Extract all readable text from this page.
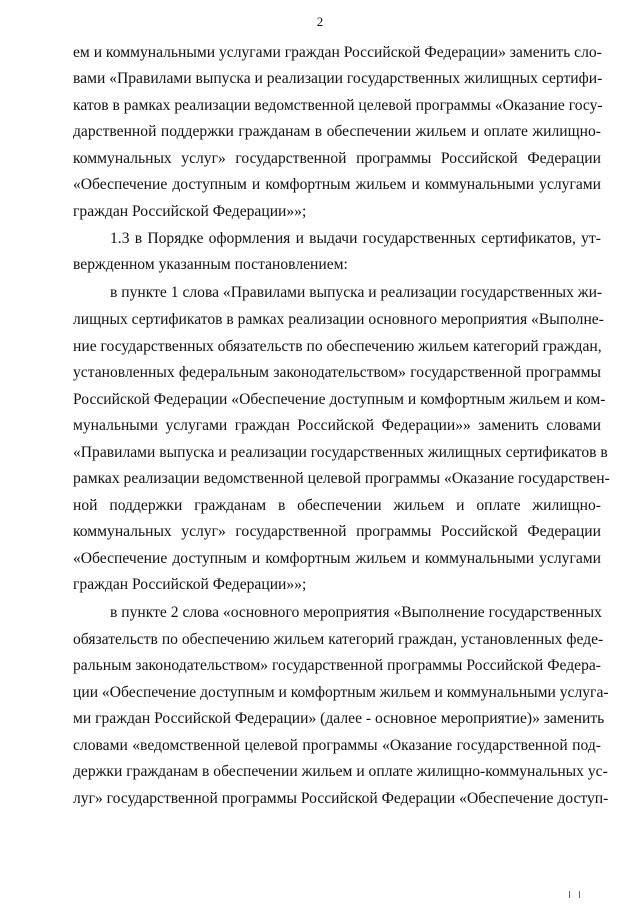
2
ем и коммунальными услугами граждан Российской Федерации» заменить сло-
вами «Правилами выпуска и реализации государственных жилищных сертифи-
катов в рамках реализации ведомственной целевой программы «Оказание госу-
дарственной поддержки гражданам в обеспечении жильем и оплате жилищно-
коммунальных услуг» государственной программы Российской Федерации
«Обеспечение доступным и комфортным жильем и коммунальными услугами
граждан Российской Федерации»»;
1.3 в Порядке оформления и выдачи государственных сертификатов, ут-
вержденном указанным постановлением:
в пункте 1 слова «Правилами выпуска и реализации государственных жи-
лищных сертификатов в рамках реализации основного мероприятия «Выполне-
ние государственных обязательств по обеспечению жильем категорий граждан,
установленных федеральным законодательством» государственной программы
Российской Федерации «Обеспечение доступным и комфортным жильем и ком-
мунальными услугами граждан Российской Федерации»» заменить словами
«Правилами выпуска и реализации государственных жилищных сертификатов в
рамках реализации ведомственной целевой программы «Оказание государствен-
ной поддержки гражданам в обеспечении жильем и оплате жилищно-
коммунальных услуг» государственной программы Российской Федерации
«Обеспечение доступным и комфортным жильем и коммунальными услугами
граждан Российской Федерации»»;
в пункте 2 слова «основного мероприятия «Выполнение государственных
обязательств по обеспечению жильем категорий граждан, установленных феде-
ральным законодательством» государственной программы Российской Федера-
ции «Обеспечение доступным и комфортным жильем и коммунальными услуга-
ми граждан Российской Федерации» (далее - основное мероприятие)» заменить
словами «ведомственной целевой программы «Оказание государственной под-
держки гражданам в обеспечении жильем и оплате жилищно-коммунальных ус-
луг» государственной программы Российской Федерации «Обеспечение доступ-
